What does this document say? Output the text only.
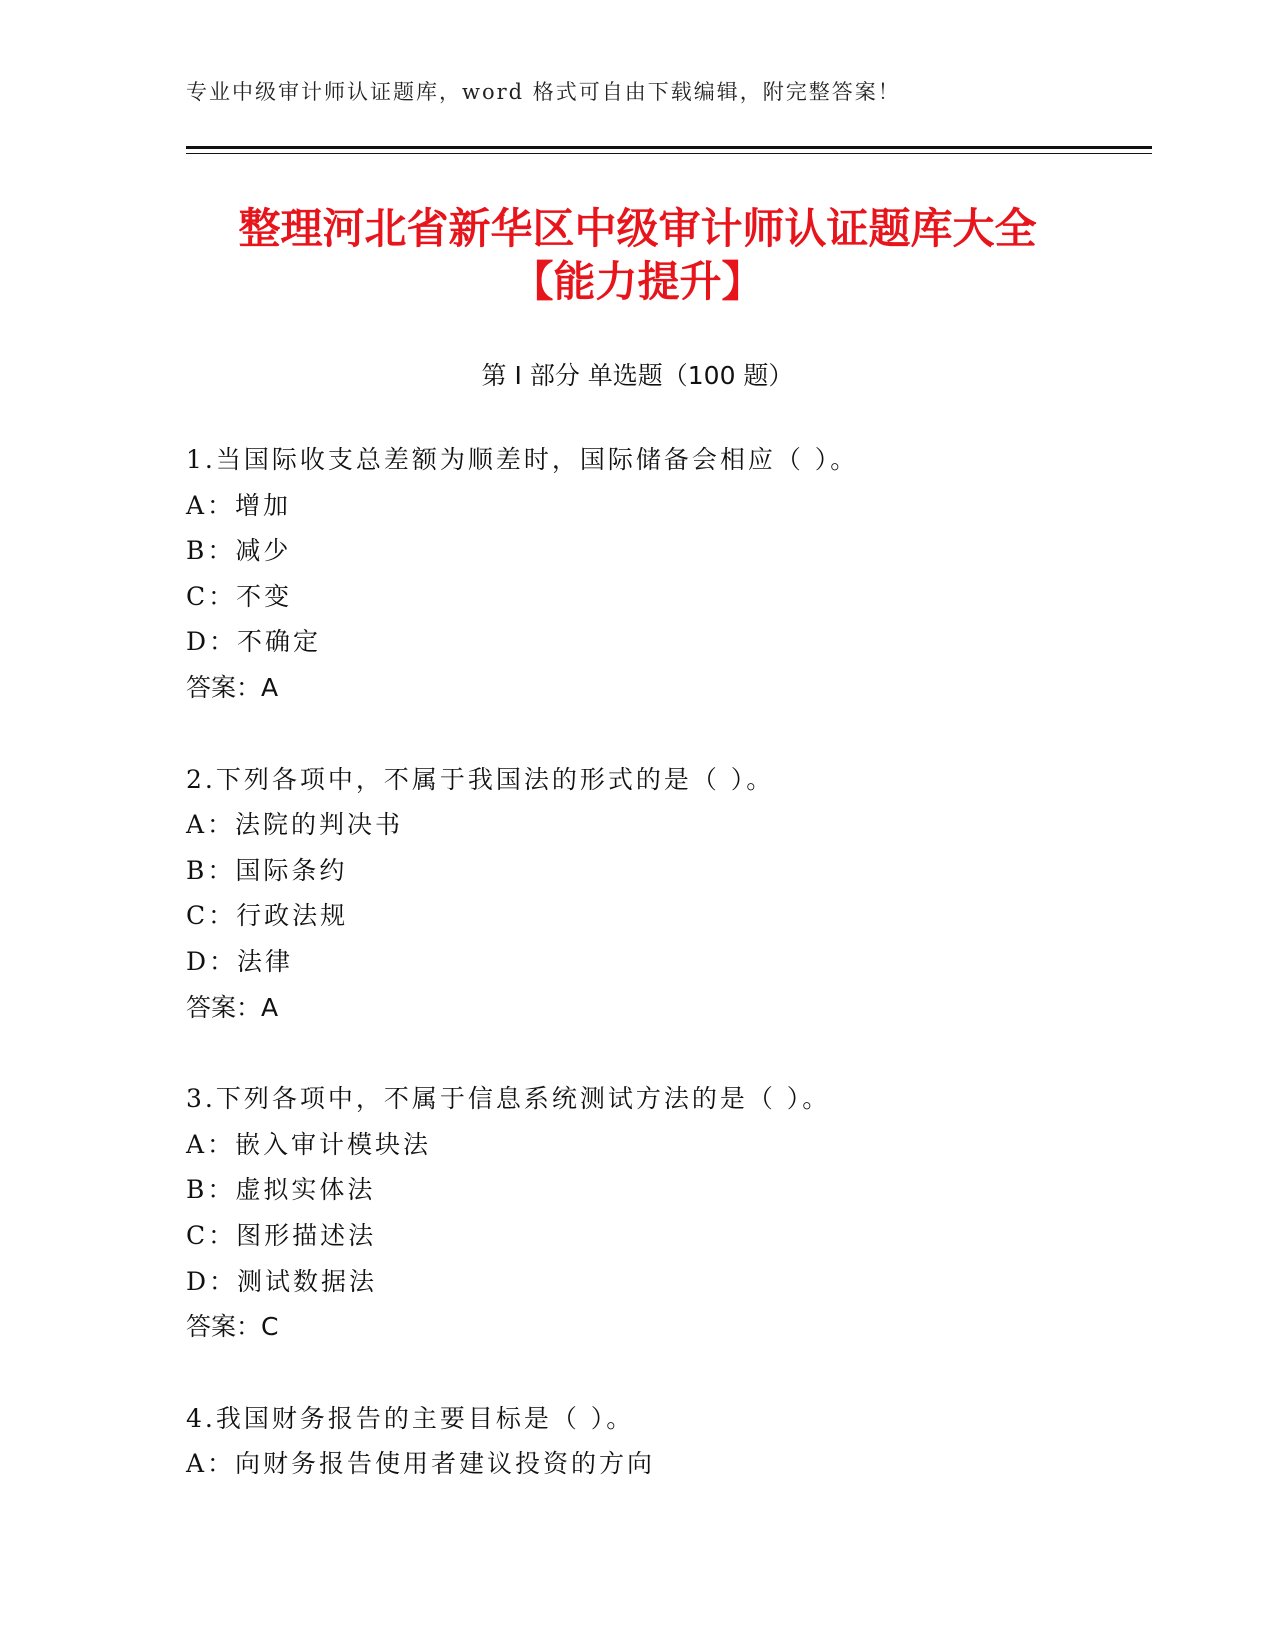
专业中级审计师认证题库，word 格式可自由下载编辑，附完整答案！
整理河北省新华区中级审计师认证题库大全
【能力提升】
第 I 部分 单选题（100 题）
1.当国际收支总差额为顺差时，国际储备会相应（ ）。
A：增加
B：减少
C：不变
D：不确定
答案：A
2.下列各项中，不属于我国法的形式的是（ ）。
A：法院的判决书
B：国际条约
C：行政法规
D：法律
答案：A
3.下列各项中，不属于信息系统测试方法的是（ ）。
A：嵌入审计模块法
B：虚拟实体法
C：图形描述法
D：测试数据法
答案：C
4.我国财务报告的主要目标是（ ）。
A：向财务报告使用者建议投资的方向
